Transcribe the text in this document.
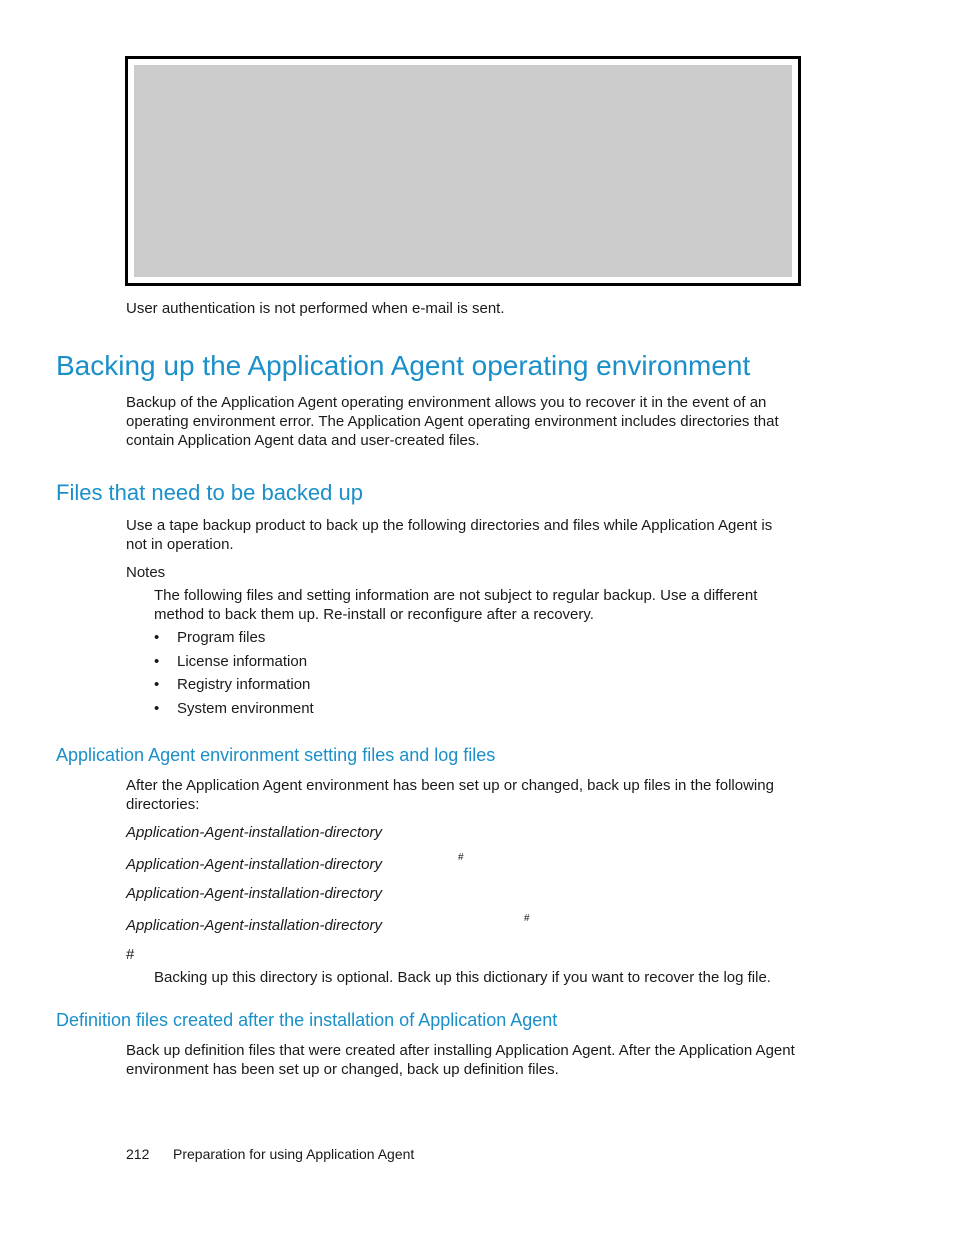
User authentication is not performed when e-mail is sent.
Backing up the Application Agent operating environment
Backup of the Application Agent operating environment allows you to recover it in the event of an operating environment error. The Application Agent operating environment includes directories that contain Application Agent data and user-created files.
Files that need to be backed up
Use a tape backup product to back up the following directories and files while Application Agent is not in operation.
Notes
The following files and setting information are not subject to regular backup. Use a different method to back them up. Re-install or reconfigure after a recovery.
• Program files
• License information
• Registry information
• System environment
Application Agent environment setting files and log files
After the Application Agent environment has been set up or changed, back up files in the following directories:
Application-Agent-installation-directory
Application-Agent-installation-directory	#
Application-Agent-installation-directory
Application-Agent-installation-directory	#
#
Backing up this directory is optional. Back up this dictionary if you want to recover the log file.
Definition files created after the installation of Application Agent
Back up definition files that were created after installing Application Agent. After the Application Agent environment has been set up or changed, back up definition files.
212 Preparation for using Application Agent
